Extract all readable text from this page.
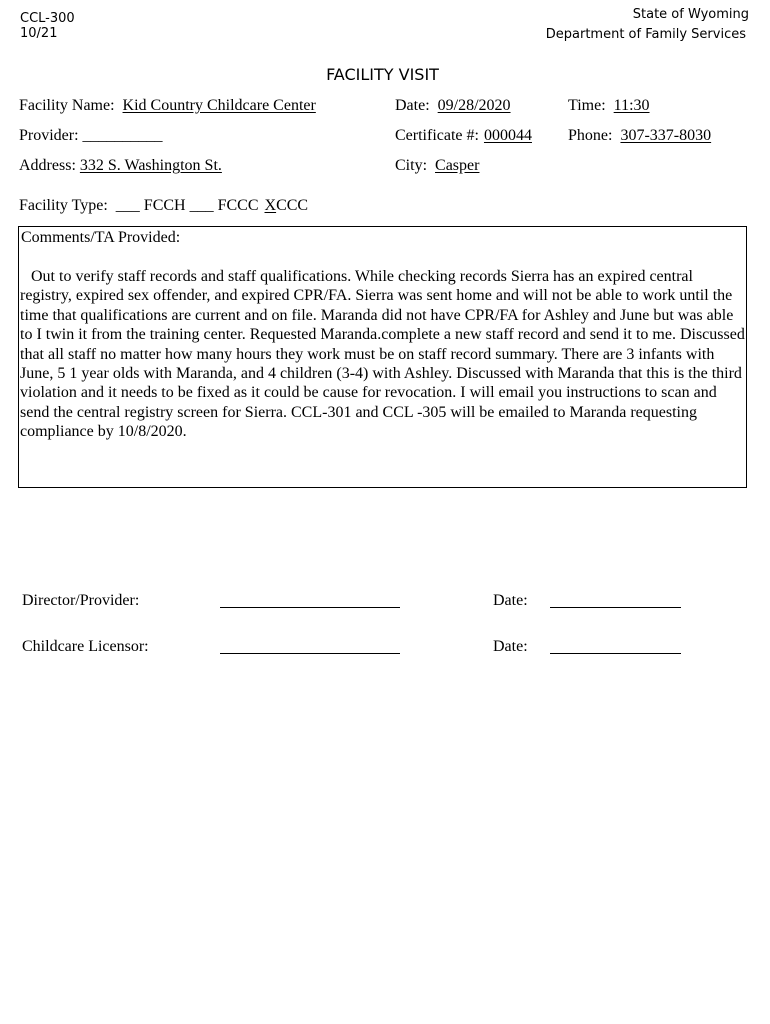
CCL-300
10/21
State of Wyoming
Department of Family Services
FACILITY VISIT
Facility Name: Kid Country Childcare Center	Date: 09/28/2020	Time: 11:30
Provider: __________	Certificate #: 000044 Phone: 307-337-8030
Address: 332 S. Washington St.	City: Casper
Facility Type: ___ FCCH ___ FCCC XCCC
Comments/TA Provided:
Out to verify staff records and staff qualifications. While checking records Sierra has an expired central registry, expired sex offender, and expired CPR/FA. Sierra was sent home and will not be able to work until the time that qualifications are current and on file. Maranda did not have CPR/FA for Ashley and June but was able to I twin it from the training center. Requested Maranda.complete a new staff record and send it to me. Discussed that all staff no matter how many hours they work must be on staff record summary. There are 3 infants with June, 5 1 year olds with Maranda, and 4 children (3-4) with Ashley. Discussed with Maranda that this is the third violation and it needs to be fixed as it could be cause for revocation. I will email you instructions to scan and send the central registry screen for Sierra. CCL-301 and CCL -305 will be emailed to Maranda requesting compliance by 10/8/2020.
Director/Provider:	Date:
Childcare Licensor:	Date:
